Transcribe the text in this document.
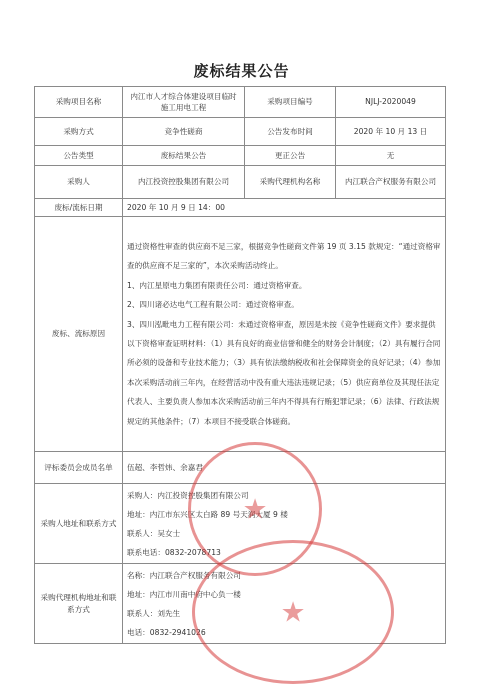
废标结果公告
采购项目名称	内江市人才综合体建设项目临时施工用电工程	采购项目编号	NJLJ-2020049
采购方式	竞争性磋商	公告发布时间	2020 年 10 月 13 日
公告类型	废标结果公告	更正公告	无
采购人	内江投资控股集团有限公司	采购代理机构名称	内江联合产权服务有限公司
废标/流标日期	2020 年 10 月 9 日 14：00		
废标、流标原因	通过资格性审查的供应商不足三家，根据竞争性磋商文件第 19 页 3.15 款规定：“通过资格审查的供应商不足三家的”，本次采购活动终止。

1、内江星原电力集团有限责任公司：通过资格审查。

2、四川诸必达电气工程有限公司：通过资格审查。

3、四川泓毗电力工程有限公司：未通过资格审查，原因是未按《竞争性磋商文件》要求提供以下资格审查证明材料：（1）具有良好的商业信誉和健全的财务会计制度；（2）具有履行合同所必须的设备和专业技术能力；（3）具有依法缴纳税收和社会保障资金的良好记录；（4）参加本次采购活动前三年内，在经营活动中没有重大违法违规记录；（5）供应商单位及其现任法定代表人、主要负责人参加本次采购活动前三年内不得具有行贿犯罪记录；（6）法律、行政法规规定的其他条件；（7）本项目不接受联合体磋商。		

评标委员会成员名单	伍超、李哲炜、余嘉君		
采购人地址和联系方式	采购人：内江投资控股集团有限公司
地址：内江市东兴区太白路 89 号天润大厦 9 楼
联系人：吴女士
联系电话：0832-2078713		

采购代理机构地址和联系方式	名称：内江联合产权服务有限公司
地址：内江市川南中府中心负一楼
联系人：刘先生
电话：0832-2941026		
★
★
